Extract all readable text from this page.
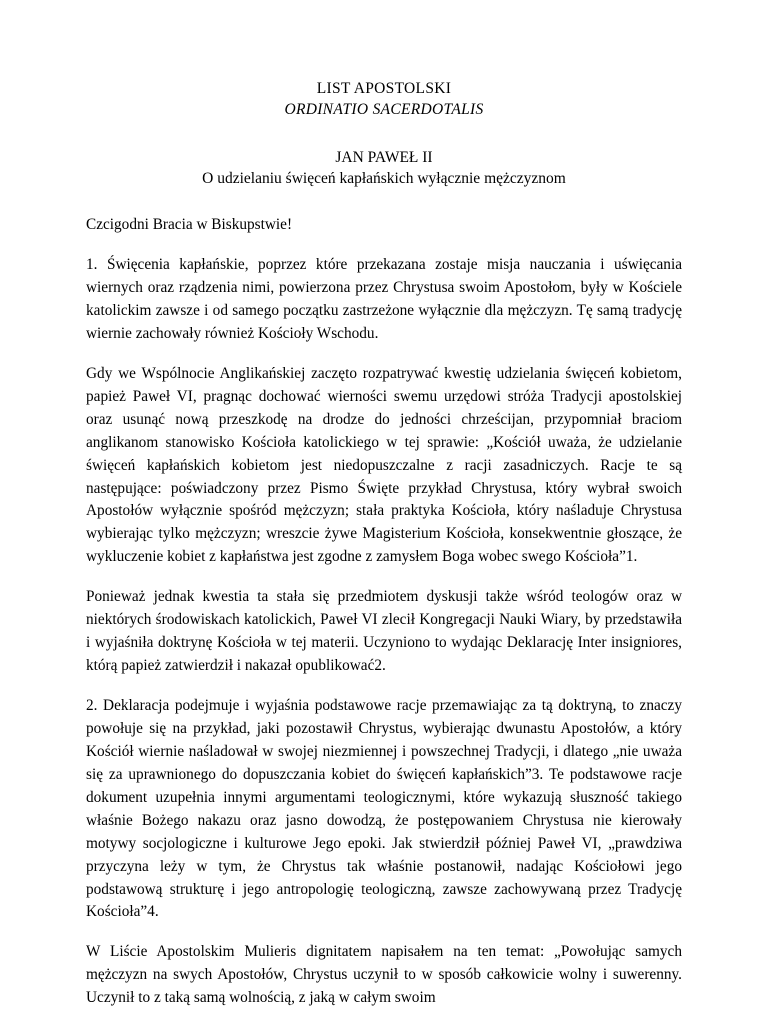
LIST APOSTOLSKI
ORDINATIO SACERDOTALIS
JAN PAWEŁ II
O udzielaniu święceń kapłańskich wyłącznie mężczyznom

Czcigodni Bracia w Biskupstwie!

1. Święcenia kapłańskie, poprzez które przekazana zostaje misja nauczania i uświęcania wiernych oraz rządzenia nimi, powierzona przez Chrystusa swoim Apostołom, były w Kościele katolickim zawsze i od samego początku zastrzeżone wyłącznie dla mężczyzn. Tę samą tradycję wiernie zachowały również Kościoły Wschodu.

Gdy we Wspólnocie Anglikańskiej zaczęto rozpatrywać kwestię udzielania święceń kobietom, papież Paweł VI, pragnąc dochować wierności swemu urzędowi stróża Tradycji apostolskiej oraz usunąć nową przeszkodę na drodze do jedności chrześcijan, przypomniał braciom anglikanom stanowisko Kościoła katolickiego w tej sprawie: „Kościół uważa, że udzielanie święceń kapłańskich kobietom jest niedopuszczalne z racji zasadniczych. Racje te są następujące: poświadczony przez Pismo Święte przykład Chrystusa, który wybrał swoich Apostołów wyłącznie spośród mężczyzn; stała praktyka Kościoła, który naśladuje Chrystusa wybierając tylko mężczyzn; wreszcie żywe Magisterium Kościoła, konsekwentnie głoszące, że wykluczenie kobiet z kapłaństwa jest zgodne z zamysłem Boga wobec swego Kościoła”1.

Ponieważ jednak kwestia ta stała się przedmiotem dyskusji także wśród teologów oraz w niektórych środowiskach katolickich, Paweł VI zlecił Kongregacji Nauki Wiary, by przedstawiła i wyjaśniła doktrynę Kościoła w tej materii. Uczyniono to wydając Deklarację Inter insigniores, którą papież zatwierdził i nakazał opublikować2.

2. Deklaracja podejmuje i wyjaśnia podstawowe racje przemawiając za tą doktryną, to znaczy powołuje się na przykład, jaki pozostawił Chrystus, wybierając dwunastu Apostołów, a który Kościół wiernie naśladował w swojej niezmiennej i powszechnej Tradycji, i dlatego „nie uważa się za uprawnionego do dopuszczania kobiet do święceń kapłańskich”3. Te podstawowe racje dokument uzupełnia innymi argumentami teologicznymi, które wykazują słuszność takiego właśnie Bożego nakazu oraz jasno dowodzą, że postępowaniem Chrystusa nie kierowały motywy socjologiczne i kulturowe Jego epoki. Jak stwierdził później Paweł VI, „prawdziwa przyczyna leży w tym, że Chrystus tak właśnie postanowił, nadając Kościołowi jego podstawową strukturę i jego antropologię teologiczną, zawsze zachowywaną przez Tradycję Kościoła”4.

W Liście Apostolskim Mulieris dignitatem napisałem na ten temat: „Powołując samych mężczyzn na swych Apostołów, Chrystus uczynił to w sposób całkowicie wolny i suwerenny. Uczynił to z taką samą wolnością, z jaką w całym swoim
